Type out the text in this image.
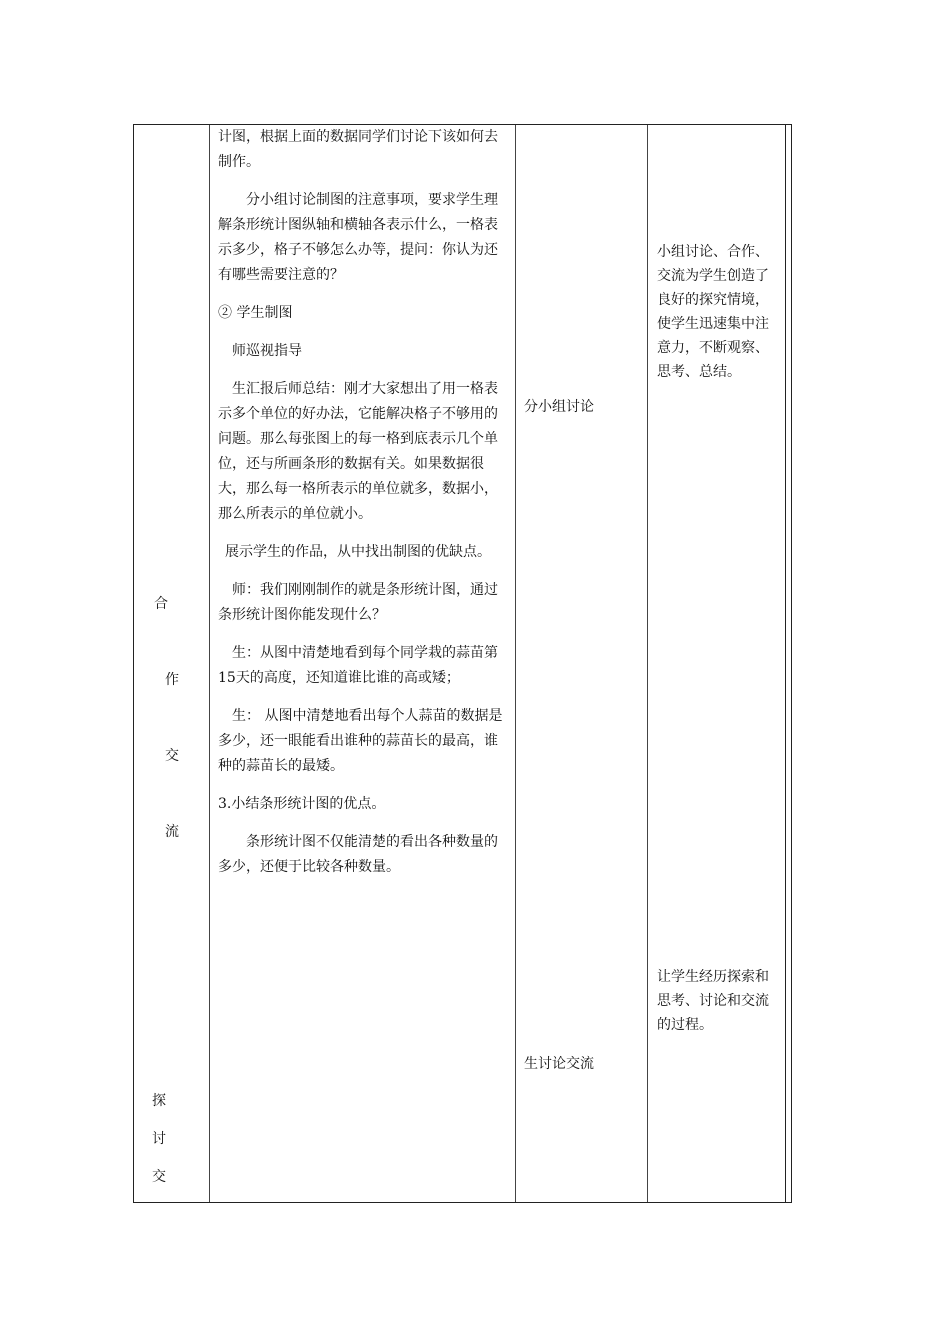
合
作
交
流
探
讨
交

计图，根据上面的数据同学们讨论下该如何去制作。

分小组讨论制图的注意事项，要求学生理解条形统计图纵轴和横轴各表示什么，一格表示多少，格子不够怎么办等，提问：你认为还有哪些需要注意的？

② 学生制图

师巡视指导

生汇报后师总结：刚才大家想出了用一格表示多个单位的好办法，它能解决格子不够用的问题。那么每张图上的每一格到底表示几个单位，还与所画条形的数据有关。如果数据很大，那么每一格所表示的单位就多，数据小，那么所表示的单位就小。

展示学生的作品，从中找出制图的优缺点。

师：我们刚刚制作的就是条形统计图，通过条形统计图你能发现什么？

生：从图中清楚地看到每个同学栽的蒜苗第15天的高度，还知道谁比谁的高或矮；

生： 从图中清楚地看出每个人蒜苗的数据是多少，还一眼能看出谁种的蒜苗长的最高，谁种的蒜苗长的最矮。

3.小结条形统计图的优点。

条形统计图不仅能清楚的看出各种数量的多少，还便于比较各种数量。

分小组讨论
生讨论交流
小组讨论、合作、交流为学生创造了良好的探究情境，使学生迅速集中注意力，不断观察、思考、总结。
让学生经历探索和思考、讨论和交流的过程。
